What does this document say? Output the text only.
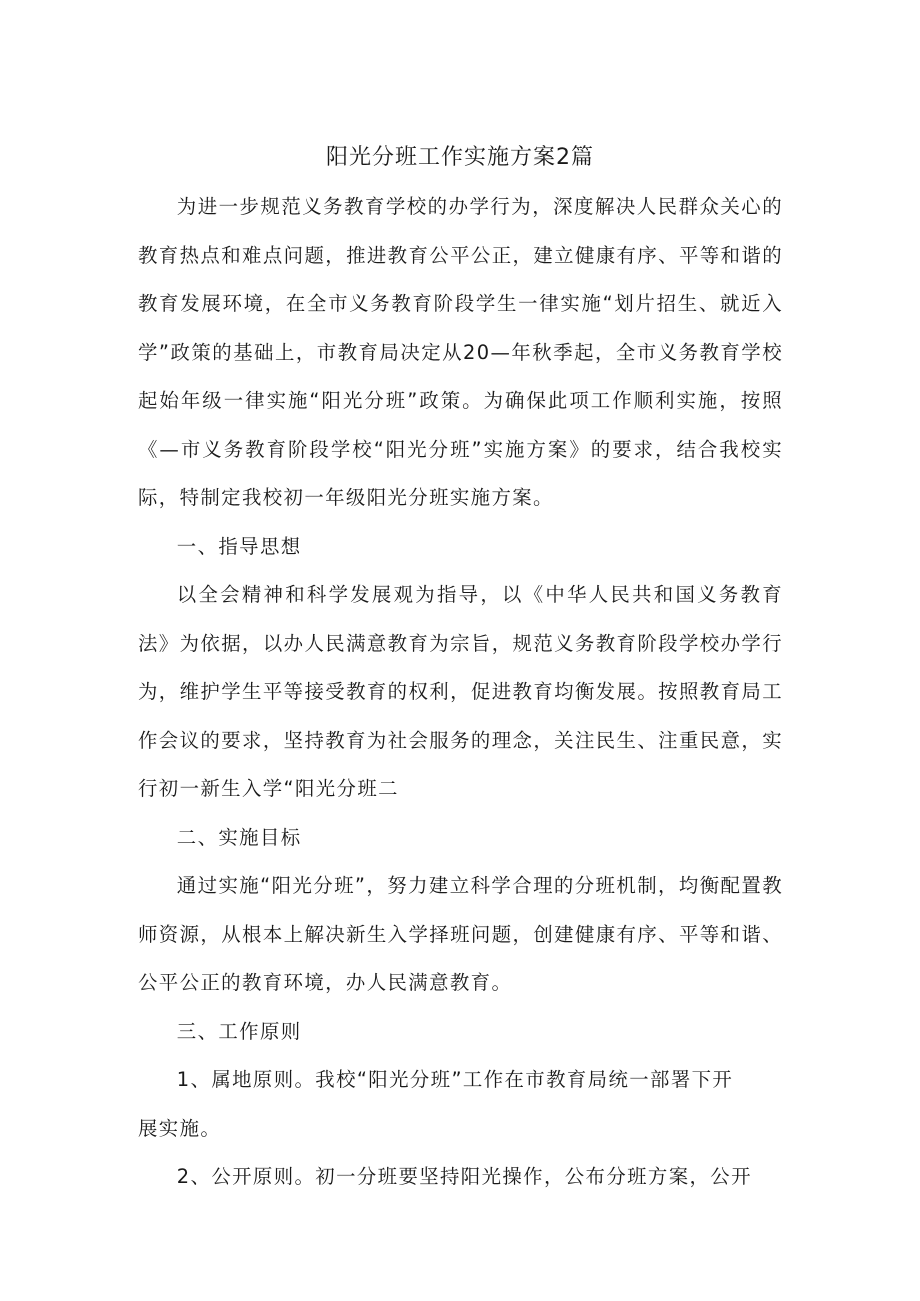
阳光分班工作实施方案2篇

为进一步规范义务教育学校的办学行为，深度解决人民群众关心的教育热点和难点问题，推进教育公平公正，建立健康有序、平等和谐的教育发展环境，在全市义务教育阶段学生一律实施“划片招生、就近入学”政策的基础上，市教育局决定从20—年秋季起，全市义务教育学校起始年级一律实施“阳光分班”政策。为确保此项工作顺利实施，按照《—市义务教育阶段学校“阳光分班”实施方案》的要求，结合我校实际，特制定我校初一年级阳光分班实施方案。

一、指导思想

以全会精神和科学发展观为指导，以《中华人民共和国义务教育法》为依据，以办人民满意教育为宗旨，规范义务教育阶段学校办学行为，维护学生平等接受教育的权利，促进教育均衡发展。按照教育局工作会议的要求，坚持教育为社会服务的理念，关注民生、注重民意，实行初一新生入学“阳光分班二

二、实施目标

通过实施“阳光分班”，努力建立科学合理的分班机制，均衡配置教师资源，从根本上解决新生入学择班问题，创建健康有序、平等和谐、公平公正的教育环境，办人民满意教育。

三、工作原则

1、属地原则。我校“阳光分班”工作在市教育局统一部署下开

展实施。

2、公开原则。初一分班要坚持阳光操作，公布分班方案，公开
